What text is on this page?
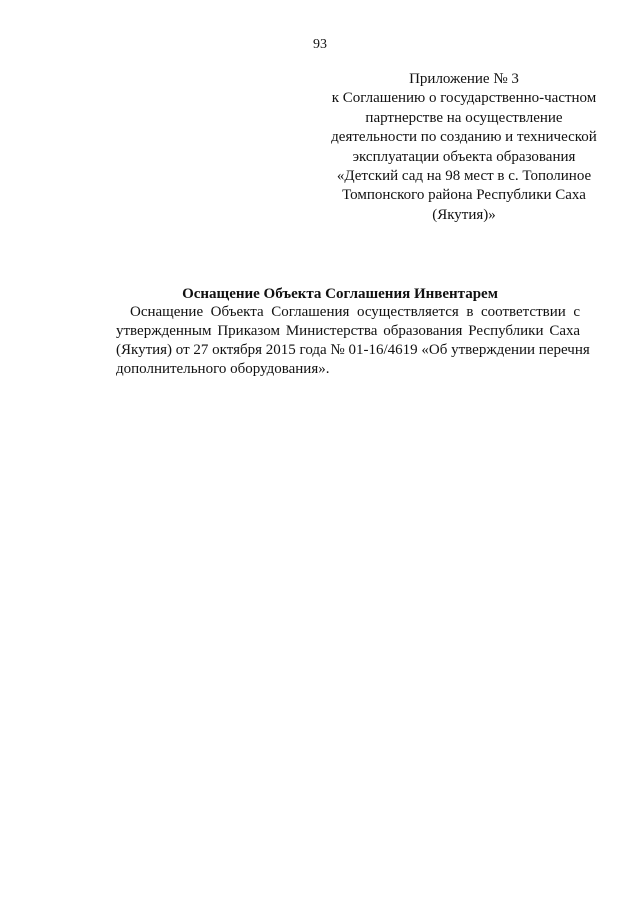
93
Приложение № 3
к Соглашению о государственно-частном
партнерстве на осуществление
деятельности по созданию и технической
эксплуатации объекта образования
«Детский сад на 98 мест в с. Тополиное
Томпонского района Республики Саха
(Якутия)»
Оснащение Объекта Соглашения Инвентарем
Оснащение Объекта Соглашения осуществляется в соответствии с
утвержденным Приказом Министерства образования Республики Саха
(Якутия) от 27 октября 2015 года № 01-16/4619 «Об утверждении перечня
дополнительного оборудования».
